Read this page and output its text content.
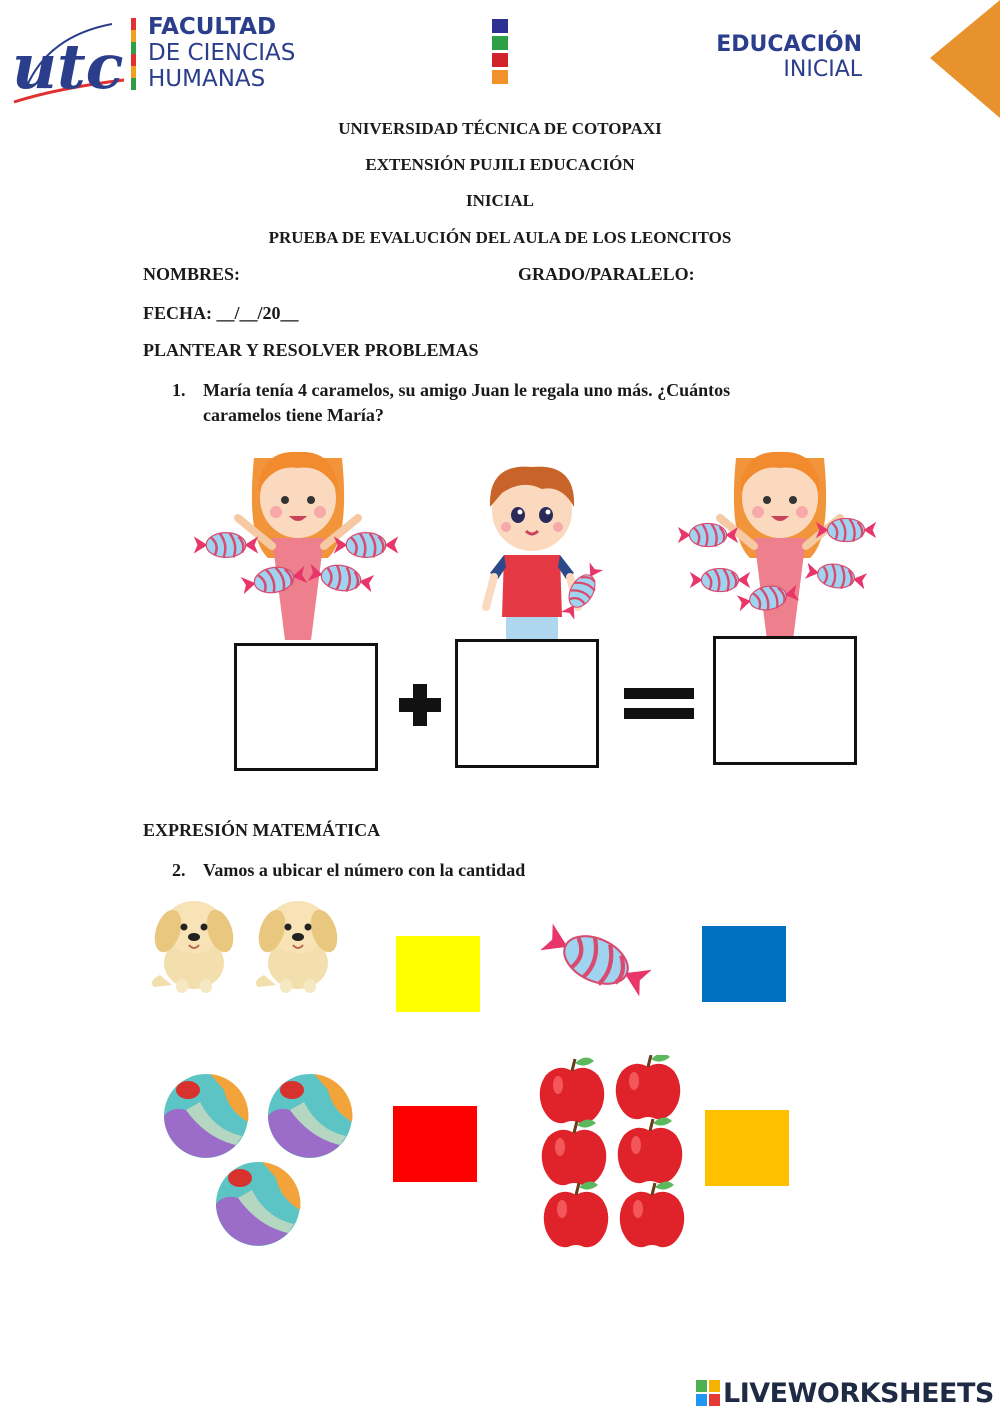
utc
FACULTAD
DE CIENCIAS
HUMANAS
EDUCACIÓN
INICIAL
UNIVERSIDAD TÉCNICA DE COTOPAXI
EXTENSIÓN PUJILI EDUCACIÓN
INICIAL
PRUEBA DE EVALUCIÓN DEL AULA DE LOS LEONCITOS
NOMBRES:	GRADO/PARALELO:
FECHA: __/__/20__
PLANTEAR Y RESOLVER PROBLEMAS
1. María tenía 4 caramelos, su amigo Juan le regala uno más. ¿Cuántos
caramelos tiene María?
EXPRESIÓN MATEMÁTICA
2. Vamos a ubicar el número con la cantidad
LIVEWORKSHEETS
